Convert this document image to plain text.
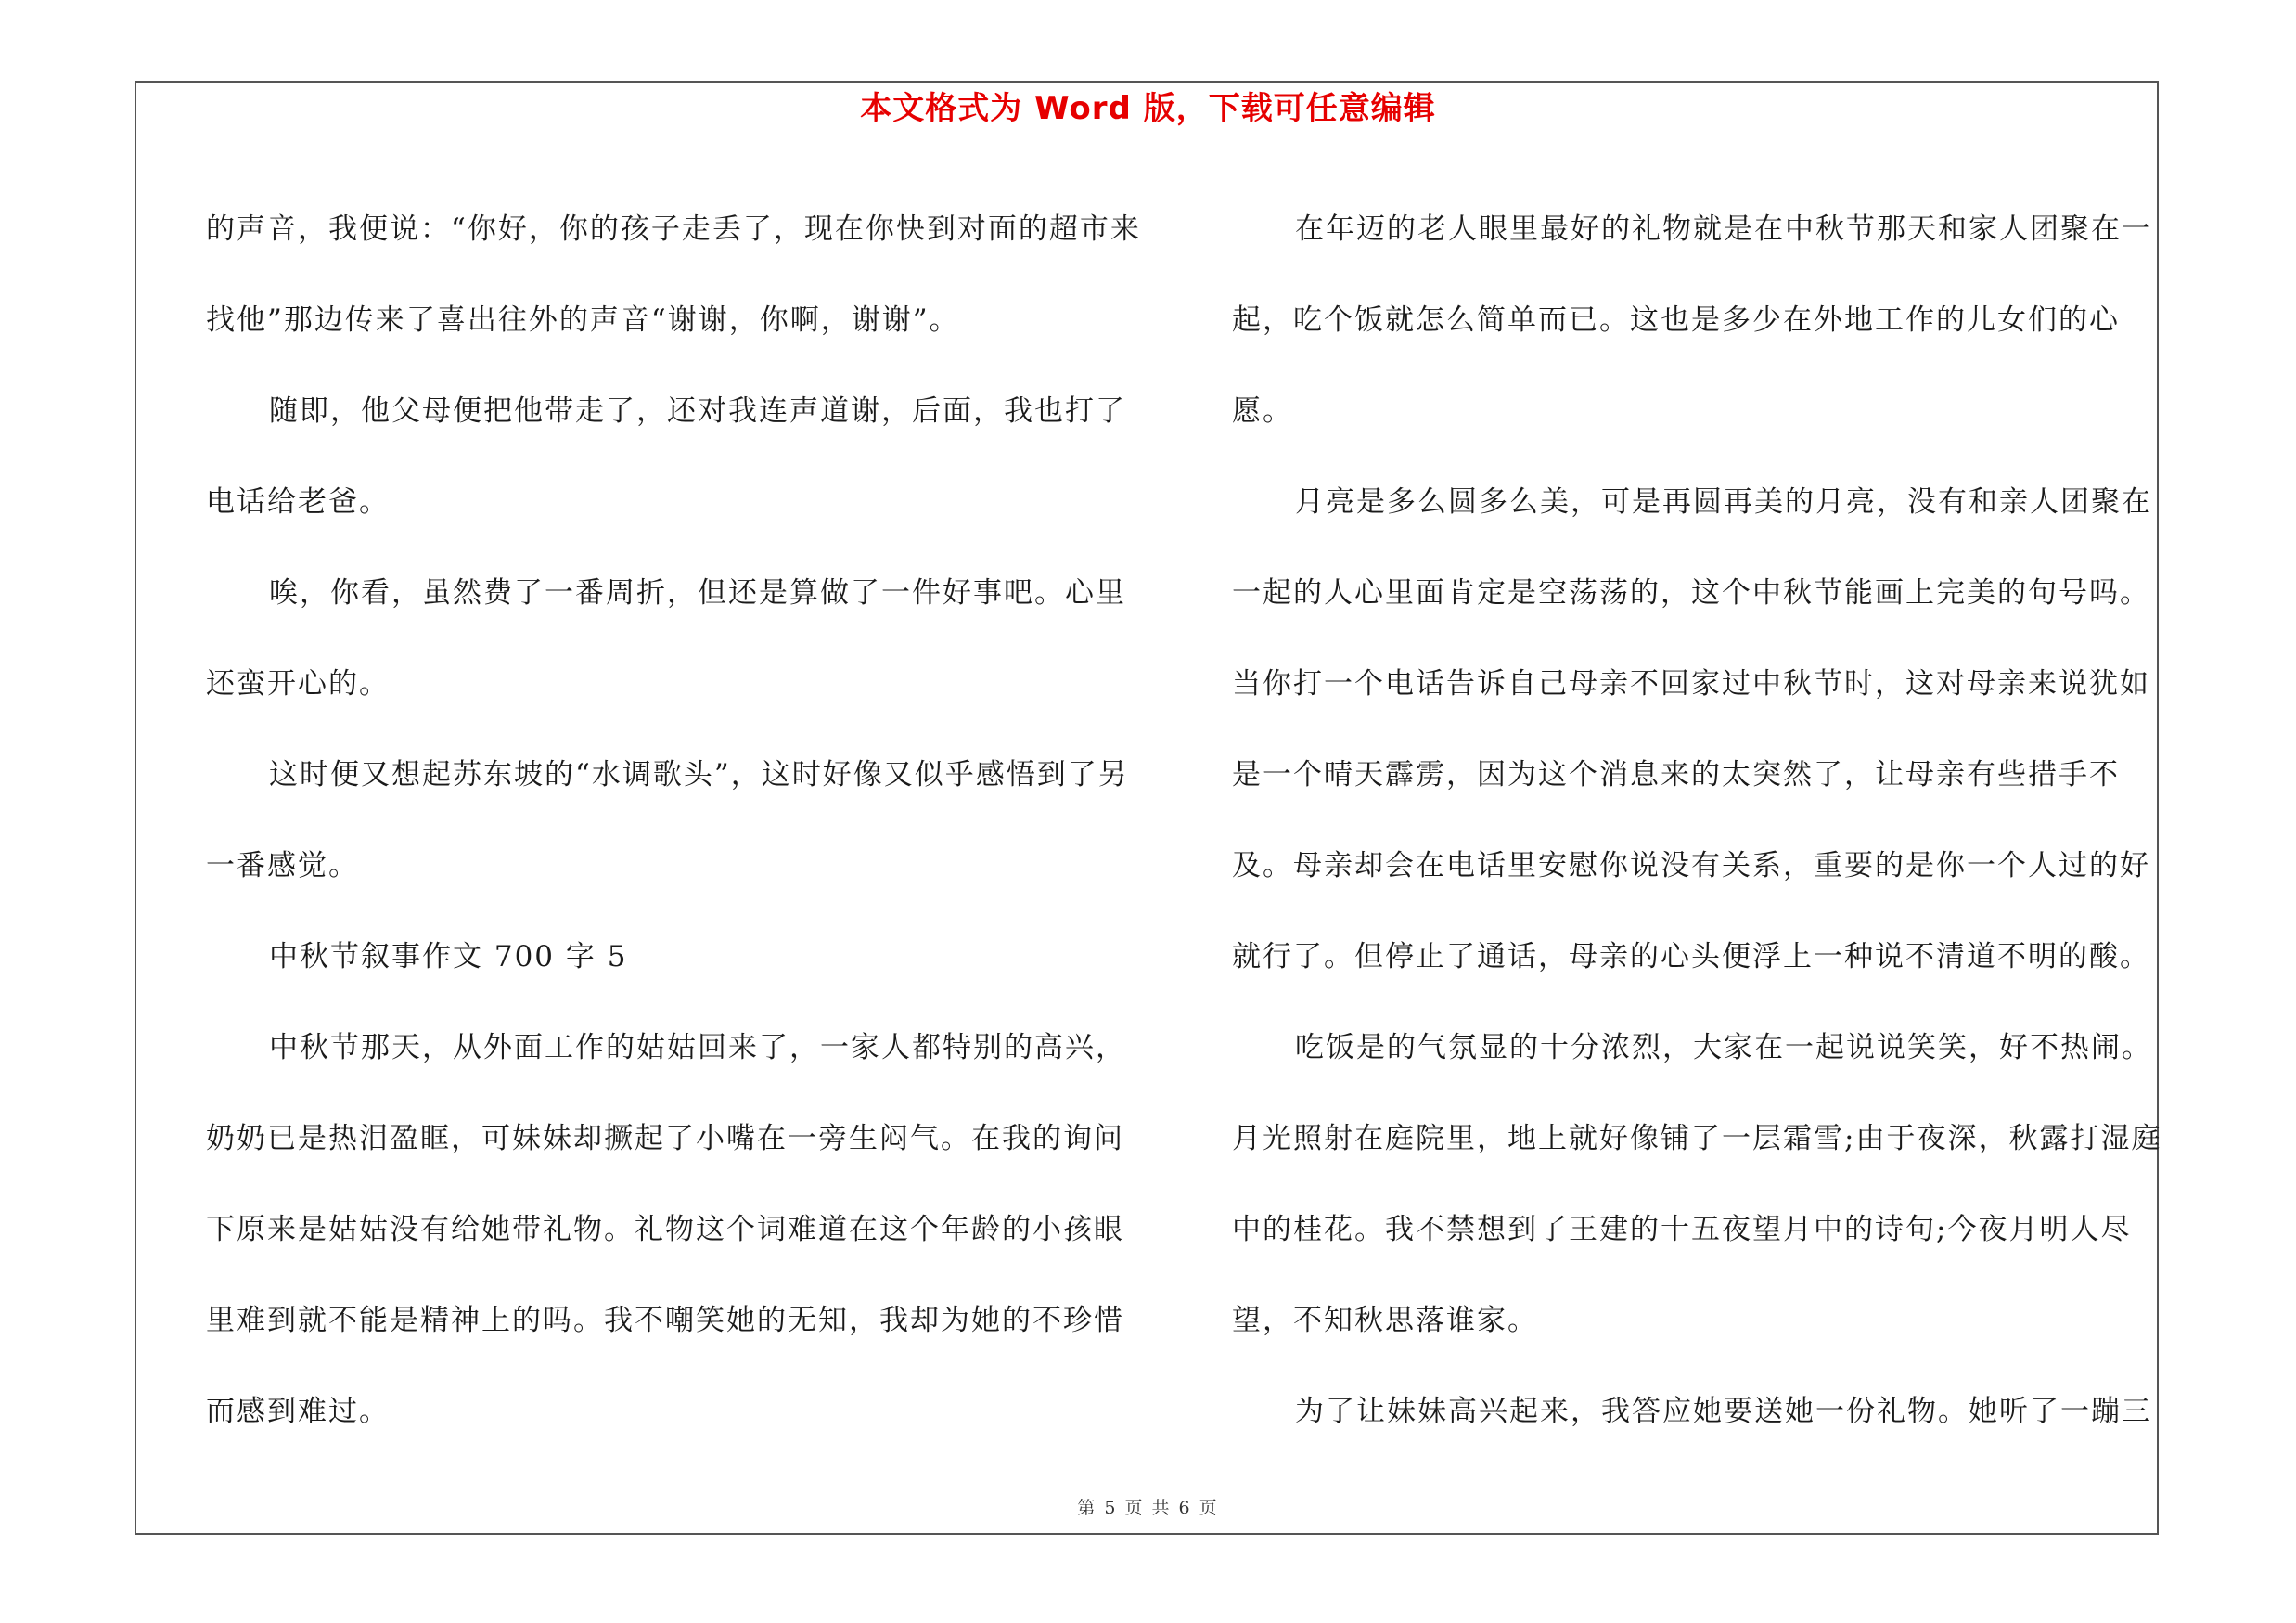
本文格式为 Word 版，下载可任意编辑

的声音，我便说：“你好，你的孩子走丢了，现在你快到对面的超市来找他”那边传来了喜出往外的声音“谢谢，你啊，谢谢”。

随即，他父母便把他带走了，还对我连声道谢，后面，我也打了电话给老爸。

唉，你看，虽然费了一番周折，但还是算做了一件好事吧。心里还蛮开心的。

这时便又想起苏东坡的“水调歌头”，这时好像又似乎感悟到了另一番感觉。

中秋节叙事作文 700 字 5

中秋节那天，从外面工作的姑姑回来了，一家人都特别的高兴，奶奶已是热泪盈眶，可妹妹却撅起了小嘴在一旁生闷气。在我的询问下原来是姑姑没有给她带礼物。礼物这个词难道在这个年龄的小孩眼里难到就不能是精神上的吗。我不嘲笑她的无知，我却为她的不珍惜而感到难过。

在年迈的老人眼里最好的礼物就是在中秋节那天和家人团聚在一起，吃个饭就怎么简单而已。这也是多少在外地工作的儿女们的心愿。

月亮是多么圆多么美，可是再圆再美的月亮，没有和亲人团聚在一起的人心里面肯定是空荡荡的，这个中秋节能画上完美的句号吗。当你打一个电话告诉自己母亲不回家过中秋节时，这对母亲来说犹如是一个晴天霹雳，因为这个消息来的太突然了，让母亲有些措手不及。母亲却会在电话里安慰你说没有关系，重要的是你一个人过的好就行了。但停止了通话，母亲的心头便浮上一种说不清道不明的酸。

吃饭是的气氛显的十分浓烈，大家在一起说说笑笑，好不热闹。月光照射在庭院里，地上就好像铺了一层霜雪;由于夜深，秋露打湿庭中的桂花。我不禁想到了王建的十五夜望月中的诗句;今夜月明人尽望，不知秋思落谁家。

为了让妹妹高兴起来，我答应她要送她一份礼物。她听了一蹦三

第 5 页 共 6 页
